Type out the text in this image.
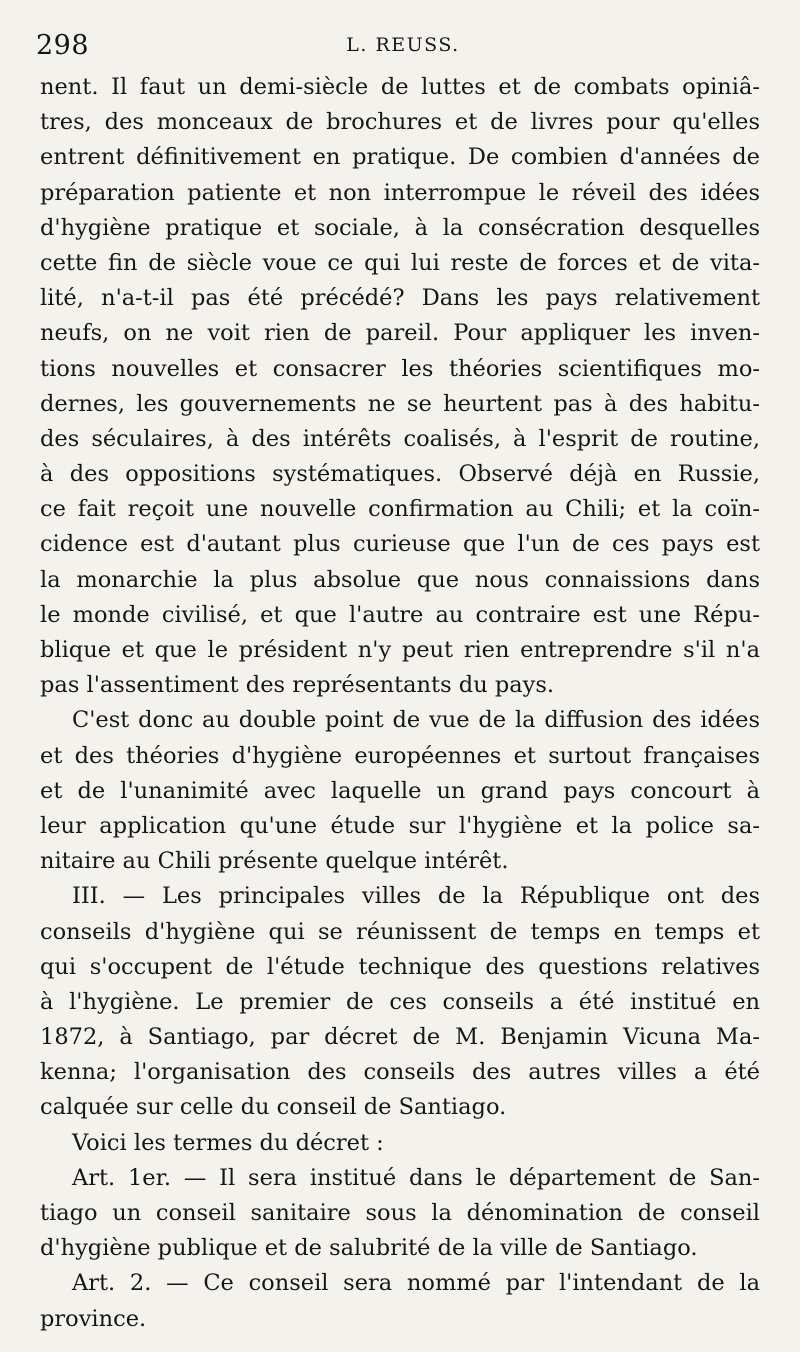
298	L. REUSS.
nent. Il faut un demi-siècle de luttes et de combats opiniâ-
tres, des monceaux de brochures et de livres pour qu'elles
entrent définitivement en pratique. De combien d'années de
préparation patiente et non interrompue le réveil des idées
d'hygiène pratique et sociale, à la consécration desquelles
cette fin de siècle voue ce qui lui reste de forces et de vita-
lité, n'a-t-il pas été précédé? Dans les pays relativement
neufs, on ne voit rien de pareil. Pour appliquer les inven-
tions nouvelles et consacrer les théories scientifiques mo-
dernes, les gouvernements ne se heurtent pas à des habitu-
des séculaires, à des intérêts coalisés, à l'esprit de routine,
à des oppositions systématiques. Observé déjà en Russie,
ce fait reçoit une nouvelle confirmation au Chili; et la coïn-
cidence est d'autant plus curieuse que l'un de ces pays est
la monarchie la plus absolue que nous connaissions dans
le monde civilisé, et que l'autre au contraire est une Répu-
blique et que le président n'y peut rien entreprendre s'il n'a
pas l'assentiment des représentants du pays.
C'est donc au double point de vue de la diffusion des idées
et des théories d'hygiène européennes et surtout françaises
et de l'unanimité avec laquelle un grand pays concourt à
leur application qu'une étude sur l'hygiène et la police sa-
nitaire au Chili présente quelque intérêt.
III. — Les principales villes de la République ont des
conseils d'hygiène qui se réunissent de temps en temps et
qui s'occupent de l'étude technique des questions relatives
à l'hygiène. Le premier de ces conseils a été institué en
1872, à Santiago, par décret de M. Benjamin Vicuna Ma-
kenna; l'organisation des conseils des autres villes a été
calquée sur celle du conseil de Santiago.
Voici les termes du décret :
Art. 1er. — Il sera institué dans le département de San-
tiago un conseil sanitaire sous la dénomination de conseil
d'hygiène publique et de salubrité de la ville de Santiago.
Art. 2. — Ce conseil sera nommé par l'intendant de la
province.
